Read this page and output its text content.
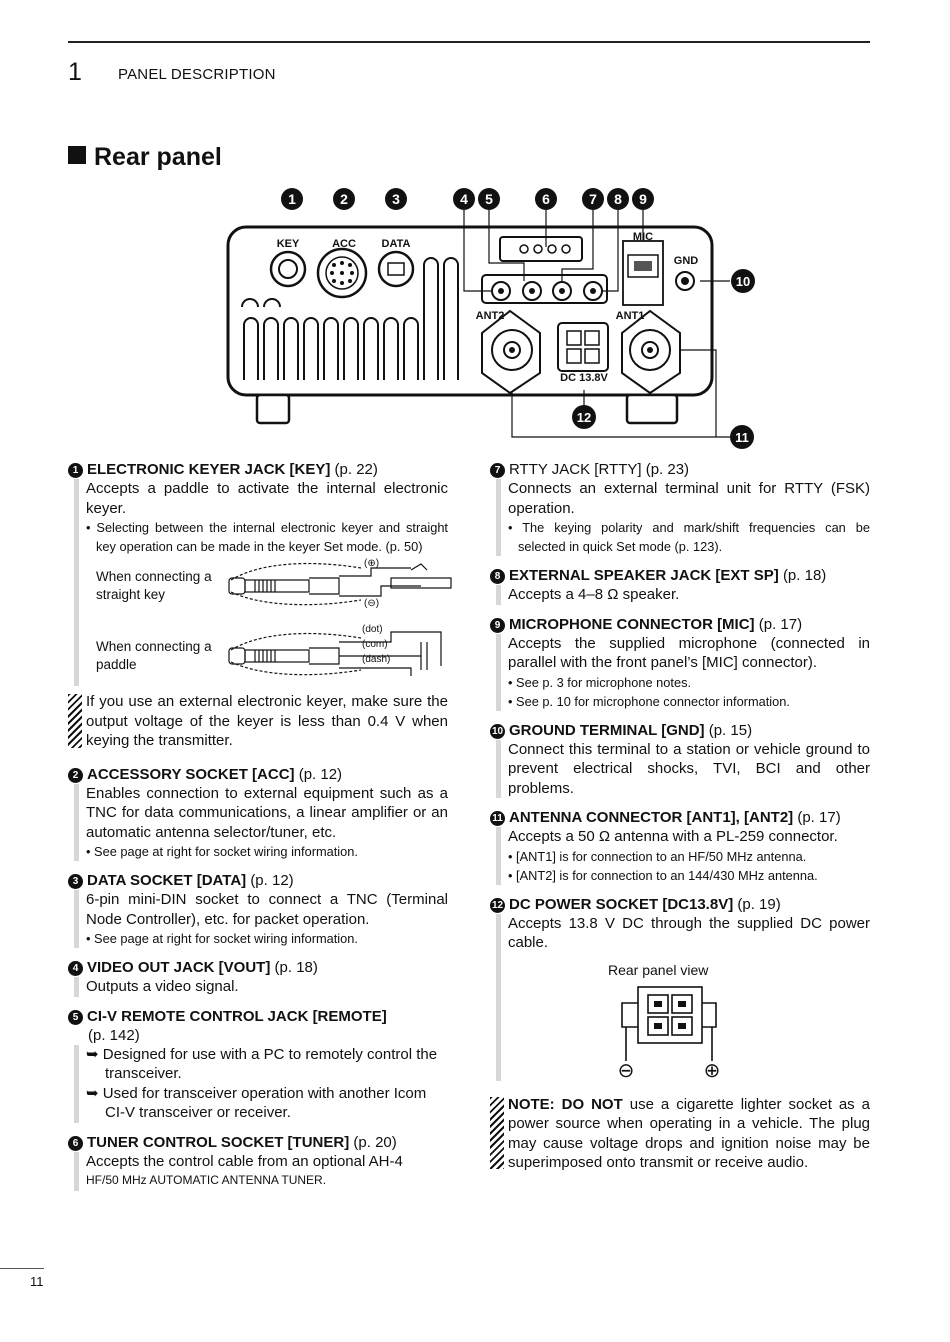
1 PANEL DESCRIPTION
Rear panel
1	2	3	4 5	6	7 8 9
10
11
12
KEY	ACC DATA
MIC
GND
ANT2	ANT1
DC 13.8V
1 ELECTRONIC KEYER JACK [KEY] (p. 22)
Accepts a paddle to activate the internal electronic keyer.
• Selecting between the internal electronic keyer and straight key operation can be made in the keyer Set mode. (p. 50)
When connecting a straight key
When connecting a paddle
(⊕)
(⊖)
(dot)
(com)
(dash)
If you use an external electronic keyer, make sure the output voltage of the keyer is less than 0.4 V when keying the transmitter.
2 ACCESSORY SOCKET [ACC] (p. 12)
Enables connection to external equipment such as a TNC for data communications, a linear amplifier or an automatic antenna selector/tuner, etc.
• See page at right for socket wiring information.
3 DATA SOCKET [DATA] (p. 12)
6-pin mini-DIN socket to connect a TNC (Terminal Node Controller), etc. for packet operation.
• See page at right for socket wiring information.
4 VIDEO OUT JACK [VOUT] (p. 18)
Outputs a video signal.
5 CI-V REMOTE CONTROL JACK [REMOTE]
(p. 142)
➥ Designed for use with a PC to remotely control the transceiver.
➥ Used for transceiver operation with another Icom CI-V transceiver or receiver.
6 TUNER CONTROL SOCKET [TUNER] (p. 20)
Accepts the control cable from an optional AH-4
HF/50 MHz AUTOMATIC ANTENNA TUNER.
7 RTTY JACK [RTTY] (p. 23)
Connects an external terminal unit for RTTY (FSK) operation.
• The keying polarity and mark/shift frequencies can be selected in quick Set mode (p. 123).
8 EXTERNAL SPEAKER JACK [EXT SP] (p. 18)
Accepts a 4–8 Ω speaker.
9 MICROPHONE CONNECTOR [MIC] (p. 17)
Accepts the supplied microphone (connected in parallel with the front panel’s [MIC] connector).
• See p. 3 for microphone notes.
• See p. 10 for microphone connector information.
10 GROUND TERMINAL [GND] (p. 15)
Connect this terminal to a station or vehicle ground to prevent electrical shocks, TVI, BCI and other problems.
11 ANTENNA CONNECTOR [ANT1], [ANT2] (p. 17)
Accepts a 50 Ω antenna with a PL-259 connector.
• [ANT1] is for connection to an HF/50 MHz antenna.
• [ANT2] is for connection to an 144/430 MHz antenna.
12 DC POWER SOCKET [DC13.8V] (p. 19)
Accepts 13.8 V DC through the supplied DC power cable.
Rear panel view
⊖	⊕
NOTE: DO NOT use a cigarette lighter socket as a power source when operating in a vehicle. The plug may cause voltage drops and ignition noise may be superimposed onto transmit or receive audio.
11
